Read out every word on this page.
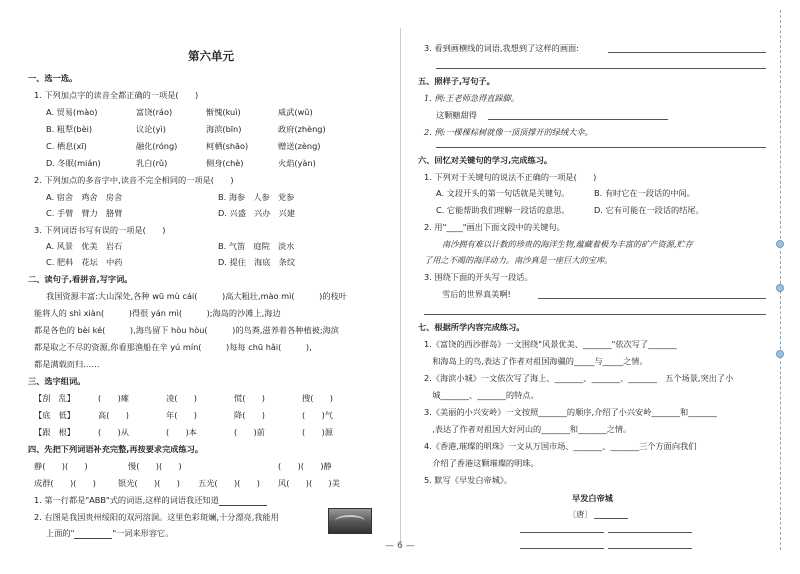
第六单元
一、选一选。
1. 下列加点字的读音全都正确的一项是(　　)
A. 贸易(mào)	富饶(ráo)	惭愧(kuì)	威武(wǔ)
B. 粗犁(bèi)	议论(yì)	海滨(bīn)	政府(zhèng)
C. 栖息(xī)	融化(róng)	柯栖(shāo)	赠送(zèng)
D. 冬眠(mián)	乳白(rǔ)	侧身(chè)	火焰(yàn)
2. 下列加点的多音字中,读音不完全相同的一项是(　　)
A. 宿舍　鸡舍　房舍	B. 海参　人参　党参
C. 手臂　臂力　胳臂	D. 兴盛　兴办　兴建
3. 下列词语书写有误的一项是(　　)
A. 风景　优美　岩石	B. 气笛　庭院　淡水
C. 肥料　花坛　中药	D. 提住　海底　条纹
二、读句子,看拼音,写字词。
我国资源丰富:大山深处,各种 wū mù cái(　　　)高大粗壮,mào mì(　　　)的枝叶
能将人的 shì xiàn(　　　)得很 yán mì(　　　);海岛的沙滩上,海边
都是各色的 bèi ké(　　　),海鸟留下 hòu hòu(　　　)的鸟粪,滋养着各种植被;海滨
都是取之不尽的资源,你看那渔船在辛 yú mín(　　　)每每 chū hǎi(　　　),
都是满载而归……
三、选字组词。
【刮　乱】	(　　)瘫	凌(　　)	慌(　　)	搜(　　)
【底　低】	高(　　)	年(　　)	降(　　)	(　　)气
【跟　根】	(　　)从	(　　)本	(　　)前	(　　)源
四、先把下列词语补充完整,再按要求完成练习。
静(　　)(　　)	慢(　　)(　　)	(　　)(　　)静
成群(　　)(　　)	银光(　　)(　　) 五光(　　)(　　) 风(　　)(　　)美
1. 第一行都是"ABB"式的词语,这样的词语我还知道
2. 右图是我国贵州绥阳的双河溶洞。这里色彩斑斓,十分漂亮,我能用
上面的"	"一词来形容它。
3. 看到画横线的词语,我想到了这样的画面:
五、照样子,写句子。
1. 例:王老师急得直跺脚。
这颗糖甜得
2. 例:一棵棵棕树就像一顶顶撑开的绿绒大伞。
六、回忆对关键句的学习,完成练习。
1. 下列对于关键句的说法不正确的一项是(　　)
A. 文段开头的第一句话就是关键句。	B. 有时它在一段话的中间。
C. 它能帮助我们理解一段话的意思。	D. 它有可能在一段话的结尾。
2. 用"____"画出下面文段中的关键句。
南沙拥有难以计数的珍贵的海洋生物,蕴藏着极为丰富的矿产资源,贮存
了用之不竭的海洋动力。南沙真是一座巨大的宝库。
3. 围绕下面的开头写一段话。
雪后的世界真美啊!
七、根据所学内容完成练习。
1.《富饶的西沙群岛》一文围绕"风景优美、_______"依次写了_______
　和海岛上的鸟,表达了作者对祖国海疆的_____与_____之情。
2.《海滨小城》一文依次写了海上、_______、_______、_______　五个场景,突出了小
　城_______、_______的特点。
3.《美丽的小兴安岭》一文按照_______的顺序,介绍了小兴安岭_______和_______
　,表达了作者对祖国大好河山的_______和_______之情。
4.《香港,璀璨的明珠》一文从万国市场、_______、_______三个方面向我们
　介绍了香港这颗璀璨的明珠。
5. 默写《早发白帝城》。
早发白帝城
〔唐〕
— 6 —
